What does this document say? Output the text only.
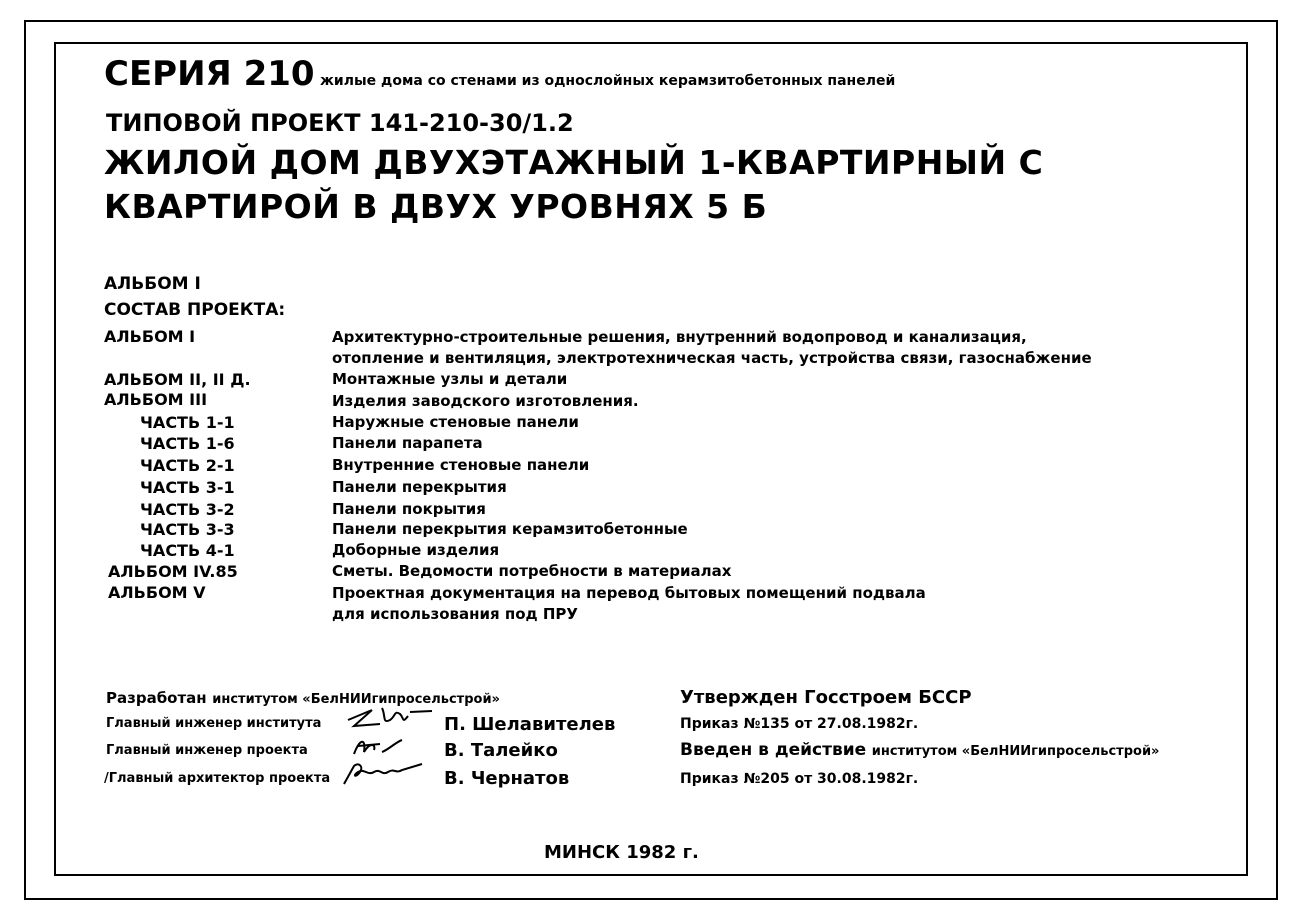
СЕРИЯ 210 жилые дома со стенами из однослойных керамзитобетонных панелей
ТИПОВОЙ ПРОЕКТ 141-210-30/1.2
ЖИЛОЙ ДОМ ДВУХЭТАЖНЫЙ 1-КВАРТИРНЫЙ С
КВАРТИРОЙ В ДВУХ УРОВНЯХ 5 Б
АЛЬБОМ I
СОСТАВ ПРОЕКТА:
АЛЬБОМ I	Архитектурно-строительные решения, внутренний водопровод и канализация,
отопление и вентиляция, электротехническая часть, устройства связи, газоснабжение
АЛЬБОМ II, II Д.	Монтажные узлы и детали
АЛЬБОМ III	Изделия заводского изготовления.
ЧАСТЬ 1-1	Наружные стеновые панели
ЧАСТЬ 1-6	Панели парапета
ЧАСТЬ 2-1	Внутренние стеновые панели
ЧАСТЬ 3-1	Панели перекрытия
ЧАСТЬ 3-2	Панели покрытия
ЧАСТЬ 3-3	Панели перекрытия керамзитобетонные
ЧАСТЬ 4-1	Доборные изделия
АЛЬБОМ IV.85	Сметы. Ведомости потребности в материалах
АЛЬБОМ V	Проектная документация на перевод бытовых помещений подвала
для использования под ПРУ
Разработан институтом «БелНИИгипросельстрой»
Главный инженер института	П. Шелавителев
Главный инженер проекта	В. Талейко
/Главный архитектор проекта	В. Чернатов
Утвержден Госстроем БССР
Приказ №135 от 27.08.1982г.
Введен в действие институтом «БелНИИгипросельстрой»
Приказ №205 от 30.08.1982г.
МИНСК 1982 г.
